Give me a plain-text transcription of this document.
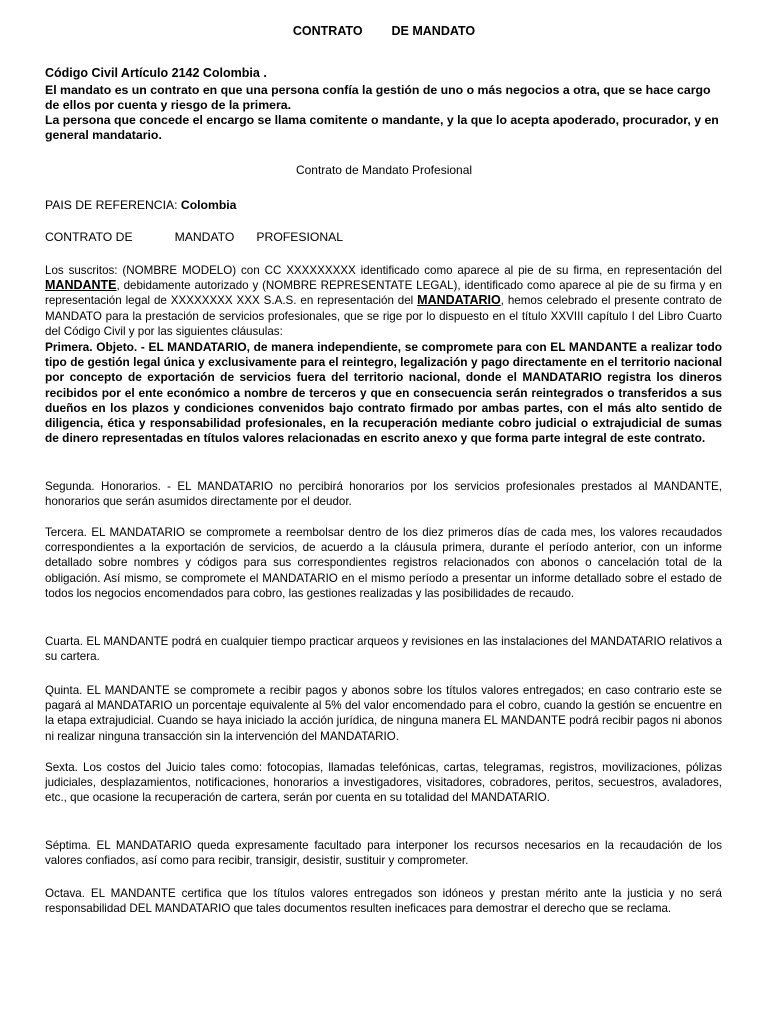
CONTRATO DE MANDATO
Código Civil Artículo 2142 Colombia .
El mandato es un contrato en que una persona confía la gestión de uno o más negocios a otra, que se hace cargo de ellos por cuenta y riesgo de la primera.
La persona que concede el encargo se llama comitente o mandante, y la que lo acepta apoderado, procurador, y en general mandatario.
Contrato de Mandato Profesional
PAIS DE REFERENCIA: Colombia
CONTRATO DE	MANDATO PROFESIONAL
Los suscritos: (NOMBRE MODELO) con CC XXXXXXXXX identificado como aparece al pie de su firma, en representación del MANDANTE, debidamente autorizado y (NOMBRE REPRESENTATE LEGAL), identificado como aparece al pie de su firma y en representación legal de XXXXXXXX XXX S.A.S. en representación del MANDATARIO, hemos celebrado el presente contrato de MANDATO para la prestación de servicios profesionales, que se rige por lo dispuesto en el título XXVIII capítulo I del Libro Cuarto del Código Civil y por las siguientes cláusulas:
Primera. Objeto. - EL MANDATARIO, de manera independiente, se compromete para con EL MANDANTE a realizar todo tipo de gestión legal única y exclusivamente para el reintegro, legalización y pago directamente en el territorio nacional por concepto de exportación de servicios fuera del territorio nacional, donde el MANDATARIO registra los dineros recibidos por el ente económico a nombre de terceros y que en consecuencia serán reintegrados o transferidos a sus dueños en los plazos y condiciones convenidos bajo contrato firmado por ambas partes, con el más alto sentido de diligencia, ética y responsabilidad profesionales, en la recuperación mediante cobro judicial o extrajudicial de sumas de dinero representadas en títulos valores relacionadas en escrito anexo y que forma parte integral de este contrato.
Segunda. Honorarios. - EL MANDATARIO no percibirá honorarios por los servicios profesionales prestados al MANDANTE, honorarios que serán asumidos directamente por el deudor.
Tercera. EL MANDATARIO se compromete a reembolsar dentro de los diez primeros días de cada mes, los valores recaudados correspondientes a la exportación de servicios, de acuerdo a la cláusula primera, durante el período anterior, con un informe detallado sobre nombres y códigos para sus correspondientes registros relacionados con abonos o cancelación total de la obligación. Así mismo, se compromete el MANDATARIO en el mismo período a presentar un informe detallado sobre el estado de todos los negocios encomendados para cobro, las gestiones realizadas y las posibilidades de recaudo.
Cuarta. EL MANDANTE podrá en cualquier tiempo practicar arqueos y revisiones en las instalaciones del MANDATARIO relativos a su cartera.
Quinta. EL MANDANTE se compromete a recibir pagos y abonos sobre los títulos valores entregados; en caso contrario este se pagará al MANDATARIO un porcentaje equivalente al 5% del valor encomendado para el cobro, cuando la gestión se encuentre en la etapa extrajudicial. Cuando se haya iniciado la acción jurídica, de ninguna manera EL MANDANTE podrá recibir pagos ni abonos ni realizar ninguna transacción sin la intervención del MANDATARIO.
Sexta. Los costos del Juicio tales como: fotocopias, llamadas telefónicas, cartas, telegramas, registros, movilizaciones, pólizas judiciales, desplazamientos, notificaciones, honorarios a investigadores, visitadores, cobradores, peritos, secuestros, avaladores, etc., que ocasione la recuperación de cartera, serán por cuenta en su totalidad del MANDATARIO.
Séptima. EL MANDATARIO queda expresamente facultado para interponer los recursos necesarios en la recaudación de los valores confiados, así como para recibir, transigir, desistir, sustituir y comprometer.
Octava. EL MANDANTE certifica que los títulos valores entregados son idóneos y prestan mérito ante la justicia y no será responsabilidad DEL MANDATARIO que tales documentos resulten ineficaces para demostrar el derecho que se reclama.
